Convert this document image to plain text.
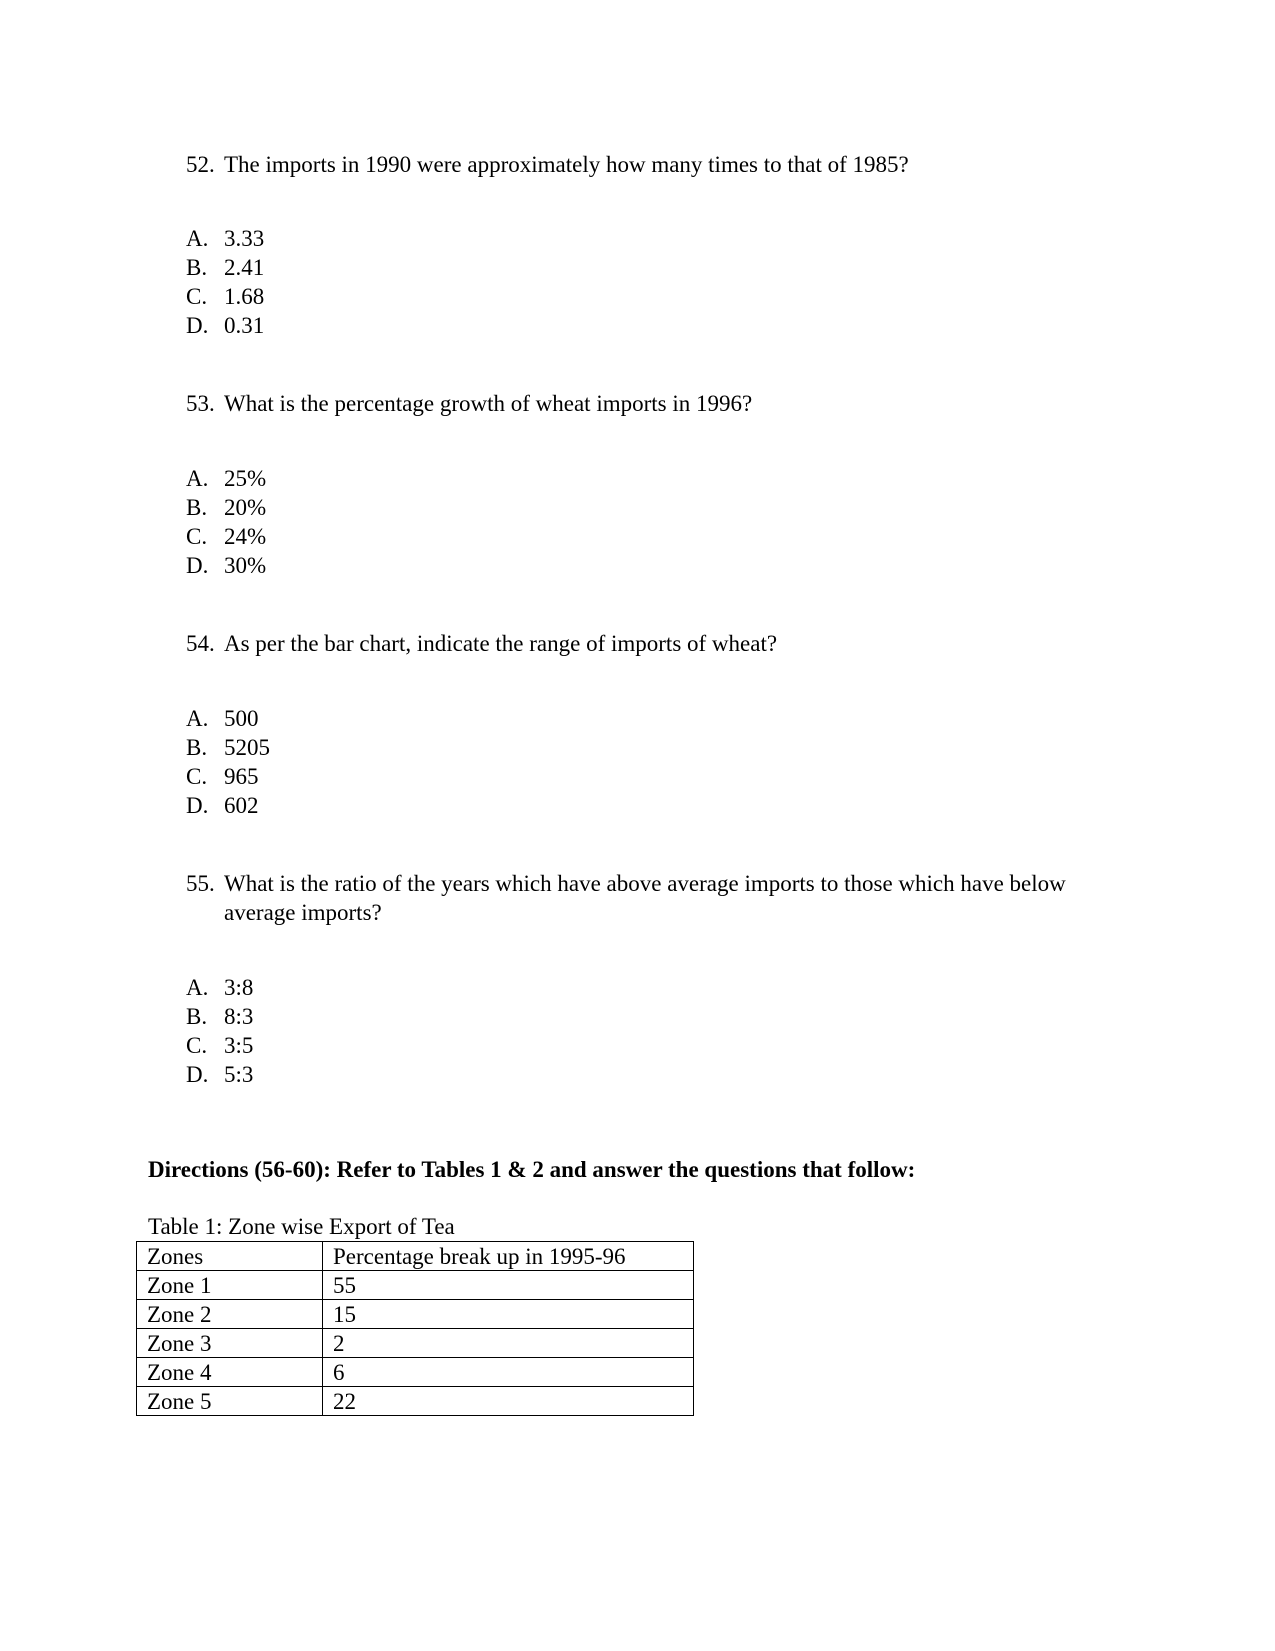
52. The imports in 1990 were approximately how many times to that of 1985?
A. 3.33
B. 2.41
C. 1.68
D. 0.31
53. What is the percentage growth of wheat imports in 1996?
A. 25%
B. 20%
C. 24%
D. 30%
54. As per the bar chart, indicate the range of imports of wheat?
A. 500
B. 5205
C. 965
D. 602
55. What is the ratio of the years which have above average imports to those which have below average imports?
A. 3:8
B. 8:3
C. 3:5
D. 5:3
Directions (56-60): Refer to Tables 1 & 2 and answer the questions that follow:
Table 1: Zone wise Export of Tea
Zones	Percentage break up in 1995-96
Zone 1	55
Zone 2	15
Zone 3	2
Zone 4	6
Zone 5	22
